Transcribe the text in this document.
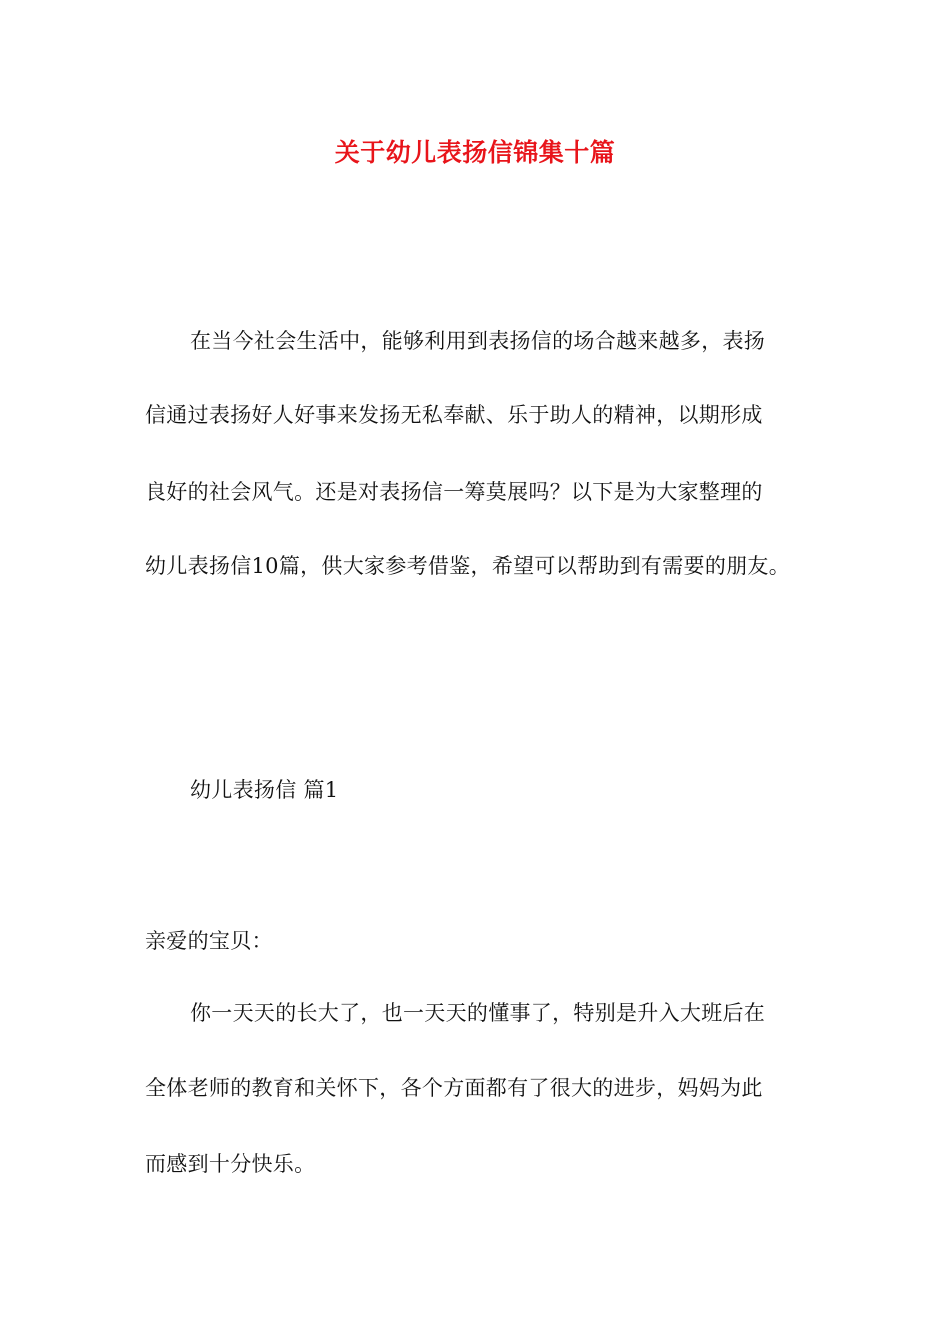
关于幼儿表扬信锦集十篇
在当今社会生活中，能够利用到表扬信的场合越来越多，表扬
信通过表扬好人好事来发扬无私奉献、乐于助人的精神，以期形成
良好的社会风气。还是对表扬信一筹莫展吗？以下是为大家整理的
幼儿表扬信10篇，供大家参考借鉴，希望可以帮助到有需要的朋友。
幼儿表扬信 篇1
亲爱的宝贝：
你一天天的长大了，也一天天的懂事了，特别是升入大班后在
全体老师的教育和关怀下，各个方面都有了很大的进步，妈妈为此
而感到十分快乐。
